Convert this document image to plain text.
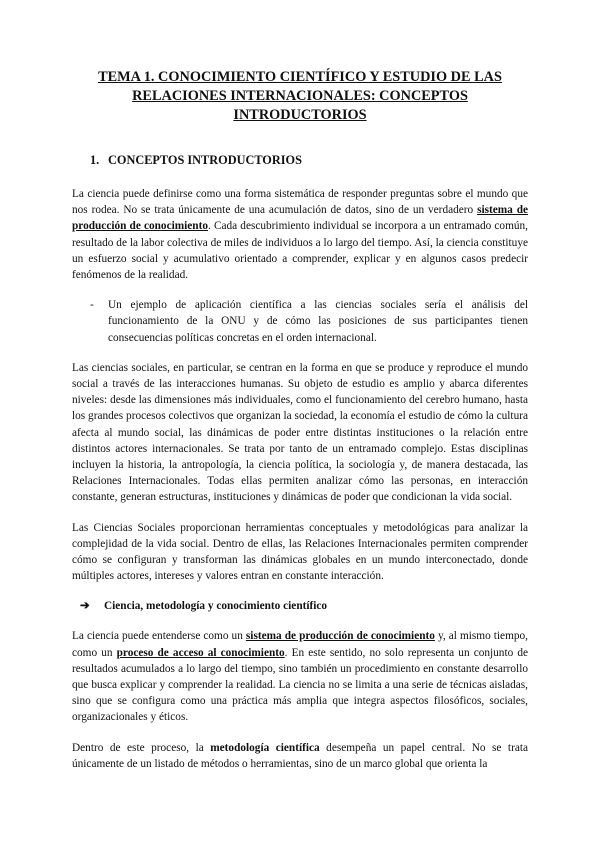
TEMA 1. CONOCIMIENTO CIENTÍFICO Y ESTUDIO DE LAS RELACIONES INTERNACIONALES: CONCEPTOS INTRODUCTORIOS
1. CONCEPTOS INTRODUCTORIOS

La ciencia puede definirse como una forma sistemática de responder preguntas sobre el mundo que nos rodea. No se trata únicamente de una acumulación de datos, sino de un verdadero sistema de producción de conocimiento. Cada descubrimiento individual se incorpora a un entramado común, resultado de la labor colectiva de miles de individuos a lo largo del tiempo. Así, la ciencia constituye un esfuerzo social y acumulativo orientado a comprender, explicar y en algunos casos predecir fenómenos de la realidad.

- Un ejemplo de aplicación científica a las ciencias sociales sería el análisis del funcionamiento de la ONU y de cómo las posiciones de sus participantes tienen consecuencias políticas concretas en el orden internacional.

Las ciencias sociales, en particular, se centran en la forma en que se produce y reproduce el mundo social a través de las interacciones humanas. Su objeto de estudio es amplio y abarca diferentes niveles: desde las dimensiones más individuales, como el funcionamiento del cerebro humano, hasta los grandes procesos colectivos que organizan la sociedad, la economía el estudio de cómo la cultura afecta al mundo social, las dinámicas de poder entre distintas instituciones o la relación entre distintos actores internacionales. Se trata por tanto de un entramado complejo. Estas disciplinas incluyen la historia, la antropología, la ciencia política, la sociología y, de manera destacada, las Relaciones Internacionales. Todas ellas permiten analizar cómo las personas, en interacción constante, generan estructuras, instituciones y dinámicas de poder que condicionan la vida social.

Las Ciencias Sociales proporcionan herramientas conceptuales y metodológicas para analizar la complejidad de la vida social. Dentro de ellas, las Relaciones Internacionales permiten comprender cómo se configuran y transforman las dinámicas globales en un mundo interconectado, donde múltiples actores, intereses y valores entran en constante interacción.

➔ Ciencia, metodología y conocimiento científico

La ciencia puede entenderse como un sistema de producción de conocimiento y, al mismo tiempo, como un proceso de acceso al conocimiento. En este sentido, no solo representa un conjunto de resultados acumulados a lo largo del tiempo, sino también un procedimiento en constante desarrollo que busca explicar y comprender la realidad. La ciencia no se limita a una serie de técnicas aisladas, sino que se configura como una práctica más amplia que integra aspectos filosóficos, sociales, organizacionales y éticos.

Dentro de este proceso, la metodología científica desempeña un papel central. No se trata únicamente de un listado de métodos o herramientas, sino de un marco global que orienta la
